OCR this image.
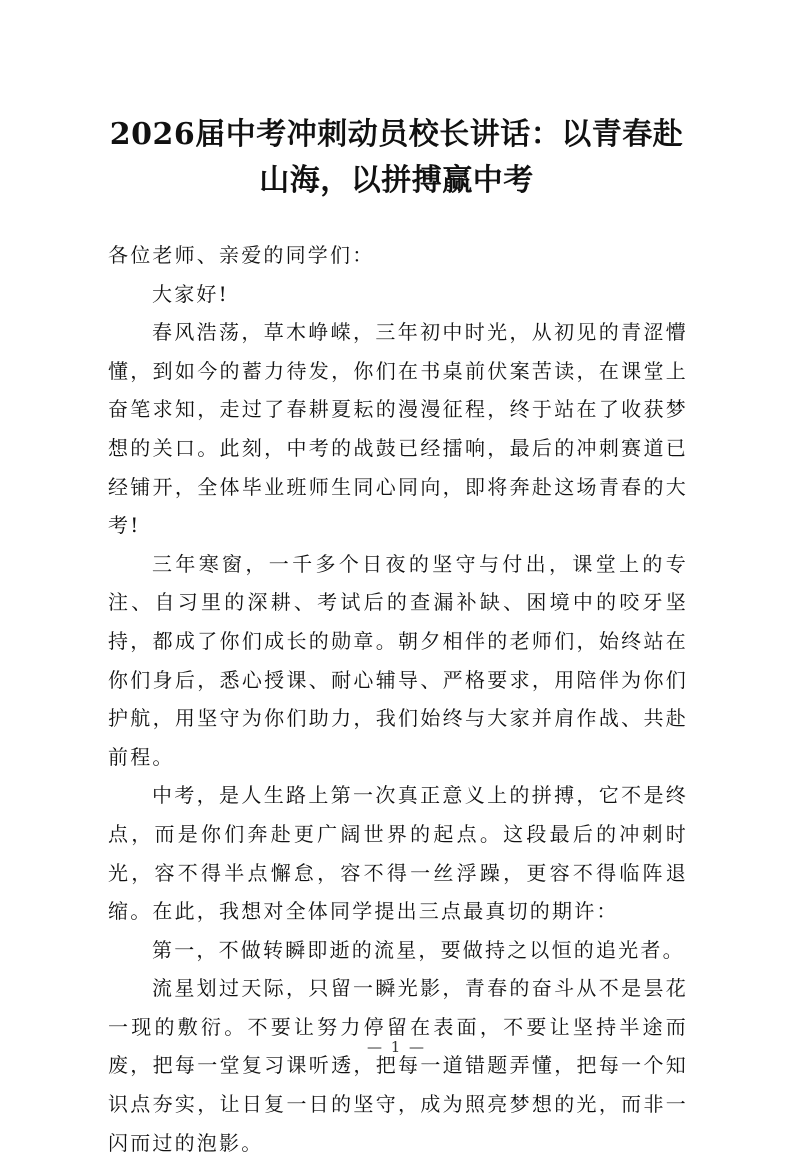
2026届中考冲刺动员校长讲话：以青春赴山海，以拼搏赢中考

各位老师、亲爱的同学们：

大家好!

春风浩荡，草木峥嵘，三年初中时光，从初见的青涩懵懂，到如今的蓄力待发，你们在书桌前伏案苦读，在课堂上奋笔求知，走过了春耕夏耘的漫漫征程，终于站在了收获梦想的关口。此刻，中考的战鼓已经擂响，最后的冲刺赛道已经铺开，全体毕业班师生同心同向，即将奔赴这场青春的大考!

三年寒窗，一千多个日夜的坚守与付出，课堂上的专注、自习里的深耕、考试后的查漏补缺、困境中的咬牙坚持，都成了你们成长的勋章。朝夕相伴的老师们，始终站在你们身后，悉心授课、耐心辅导、严格要求，用陪伴为你们护航，用坚守为你们助力，我们始终与大家并肩作战、共赴前程。

中考，是人生路上第一次真正意义上的拼搏，它不是终点，而是你们奔赴更广阔世界的起点。这段最后的冲刺时光，容不得半点懈怠，容不得一丝浮躁，更容不得临阵退缩。在此，我想对全体同学提出三点最真切的期许：

第一，不做转瞬即逝的流星，要做持之以恒的追光者。

流星划过天际，只留一瞬光影，青春的奋斗从不是昙花一现的敷衍。不要让努力停留在表面，不要让坚持半途而废，把每一堂复习课听透，把每一道错题弄懂，把每一个知识点夯实，让日复一日的坚守，成为照亮梦想的光，而非一闪而过的泡影。

— 1 —
